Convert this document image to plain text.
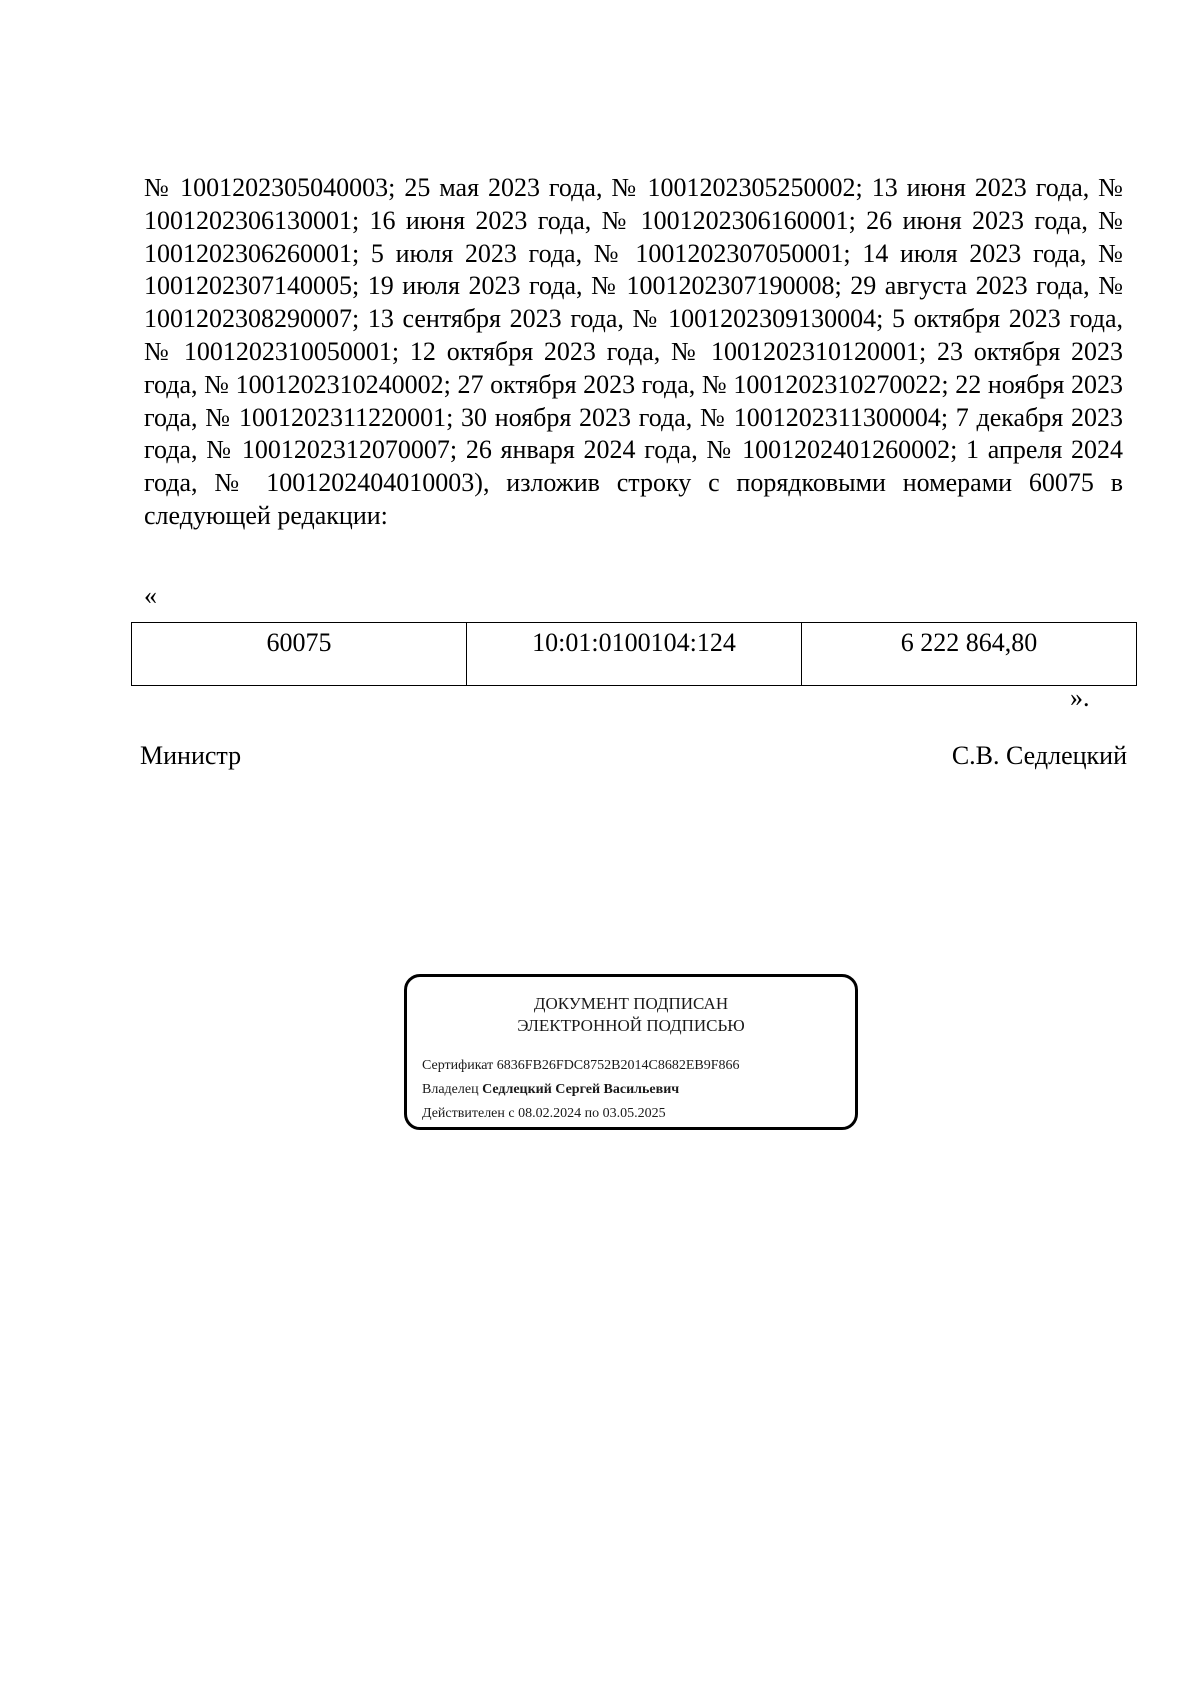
№ 1001202305040003; 25 мая 2023 года, № 1001202305250002; 13 июня 2023 года, № 1001202306130001; 16 июня 2023 года, № 1001202306160001; 26 июня 2023 года, № 1001202306260001; 5 июля 2023 года, № 1001202307050001; 14 июля 2023 года, № 1001202307140005; 19 июля 2023 года, № 1001202307190008; 29 августа 2023 года, № 1001202308290007; 13 сентября 2023 года, № 1001202309130004; 5 октября 2023 года, № 1001202310050001; 12 октября 2023 года, № 1001202310120001; 23 октября 2023 года, № 1001202310240002; 27 октября 2023 года, № 1001202310270022; 22 ноября 2023 года, № 1001202311220001; 30 ноября 2023 года, № 1001202311300004; 7 декабря 2023 года, № 1001202312070007; 26 января 2024 года, № 1001202401260002; 1 апреля 2024 года, № 1001202404010003), изложив строку с порядковыми номерами 60075 в следующей редакции:

«
60075	10:01:0100104:124	6 222 864,80
».
Министр	С.В. Седлецкий
ДОКУМЕНТ ПОДПИСАН
ЭЛЕКТРОННОЙ ПОДПИСЬЮ
Сертификат 6836FB26FDC8752B2014C8682EB9F866
Владелец Седлецкий Сергей Васильевич
Действителен с 08.02.2024 по 03.05.2025
